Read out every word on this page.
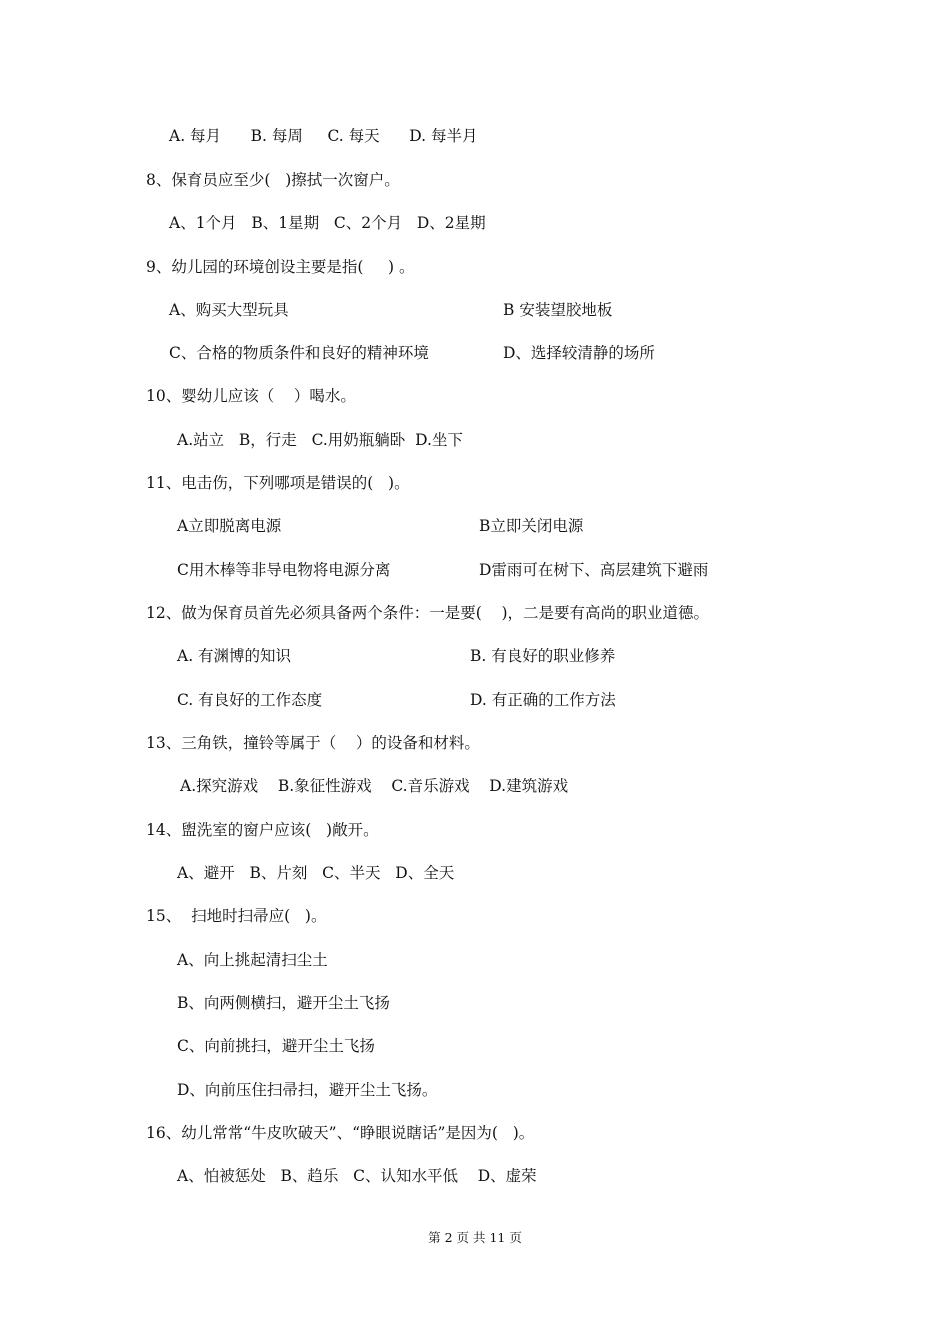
A. 每月      B. 每周     C. 每天      D. 每半月

8、保育员应至少(   )擦拭一次窗户。

A、1个月   B、1星期   C、2个月   D、2星期

9、幼儿园的环境创设主要是指(     ) 。

A、购买大型玩具	B 安装望胶地板

C、合格的物质条件和良好的精神环境	D、选择较清静的场所

10、婴幼儿应该（    ）喝水。

A.站立   B，行走   C.用奶瓶躺卧  D.坐下

11、电击伤，下列哪项是错误的(   )。

A立即脱离电源	B立即关闭电源

C用木棒等非导电物将电源分离	D雷雨可在树下、高层建筑下避雨

12、做为保育员首先必须具备两个条件：一是要(    )，二是要有高尚的职业道德。

A. 有渊博的知识	B. 有良好的职业修养

C. 有良好的工作态度	D. 有正确的工作方法

13、三角铁，撞铃等属于（    ）的设备和材料。

A.探究游戏    B.象征性游戏    C.音乐游戏    D.建筑游戏

14、盥洗室的窗户应该(   )敞开。

A、避开   B、片刻   C、半天   D、全天

15、  扫地时扫帚应(   )。

A、向上挑起清扫尘土

B、向两侧横扫，避开尘土飞扬

C、向前挑扫，避开尘土飞扬

D、向前压住扫帚扫，避开尘土飞扬。

16、幼儿常常“牛皮吹破天”、“睁眼说瞎话”是因为(   )。

A、怕被惩处   B、趋乐   C、认知水平低    D、虚荣

第 2 页 共 11 页
